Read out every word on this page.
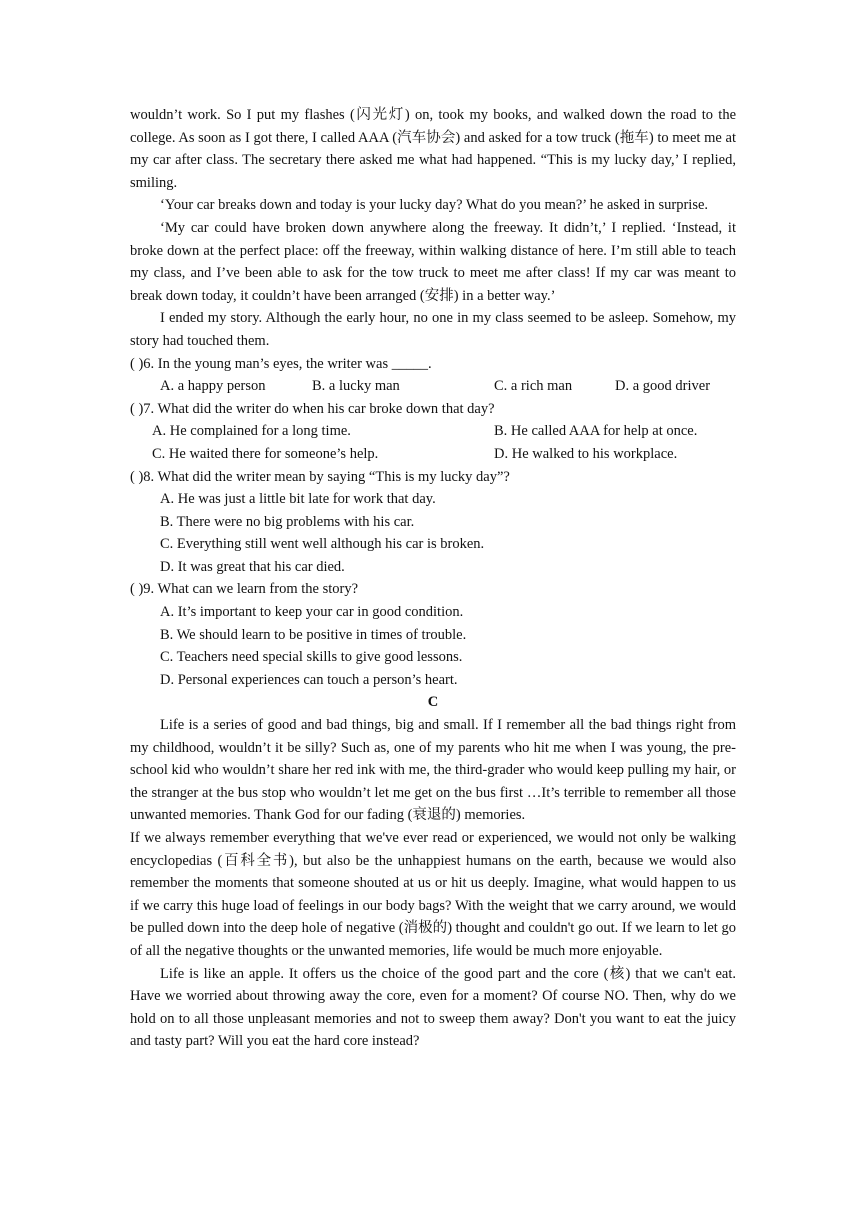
wouldn’t work. So I put my flashes (闪光灯) on, took my books, and walked down the road to the college. As soon as I got there, I called AAA (汽车协会) and asked for a tow truck (拖车) to meet me at my car after class. The secretary there asked me what had happened. “This is my lucky day,’ I replied, smiling.

‘Your car breaks down and today is your lucky day? What do you mean?’ he asked in surprise.

‘My car could have broken down anywhere along the freeway. It didn’t,’ I replied. ‘Instead, it broke down at the perfect place: off the freeway, within walking distance of here. I’m still able to teach my class, and I’ve been able to ask for the tow truck to meet me after class! If my car was meant to break down today, it couldn’t have been arranged (安排) in a better way.’

I ended my story. Although the early hour, no one in my class seemed to be asleep. Somehow, my story had touched them.

( )6. In the young man’s eyes, the writer was _____.

A. a happy person	B. a lucky man	C. a rich man	D. a good driver

( )7. What did the writer do when his car broke down that day?

A. He complained for a long time.	B. He called AAA for help at once.
C. He waited there for someone’s help.	D. He walked to his workplace.

( )8. What did the writer mean by saying “This is my lucky day”?

A. He was just a little bit late for work that day.

B. There were no big problems with his car.

C. Everything still went well although his car is broken.

D. It was great that his car died.

( )9. What can we learn from the story?

A. It’s important to keep your car in good condition.

B. We should learn to be positive in times of trouble.

C. Teachers need special skills to give good lessons.

D. Personal experiences can touch a person’s heart.

C

Life is a series of good and bad things, big and small. If I remember all the bad things right from my childhood, wouldn’t it be silly? Such as, one of my parents who hit me when I was young, the pre-school kid who wouldn’t share her red ink with me, the third-grader who would keep pulling my hair, or the stranger at the bus stop who wouldn’t let me get on the bus first …It’s terrible to remember all those unwanted memories. Thank God for our fading (衰退的) memories.

If we always remember everything that we've ever read or experienced, we would not only be walking encyclopedias (百科全书), but also be the unhappiest humans on the earth, because we would also remember the moments that someone shouted at us or hit us deeply. Imagine, what would happen to us if we carry this huge load of feelings in our body bags? With the weight that we carry around, we would be pulled down into the deep hole of negative (消极的) thought and couldn't go out. If we learn to let go of all the negative thoughts or the unwanted memories, life would be much more enjoyable.

Life is like an apple. It offers us the choice of the good part and the core (核) that we can't eat. Have we worried about throwing away the core, even for a moment? Of course NO. Then, why do we hold on to all those unpleasant memories and not to sweep them away? Don't you want to eat the juicy and tasty part? Will you eat the hard core instead?
